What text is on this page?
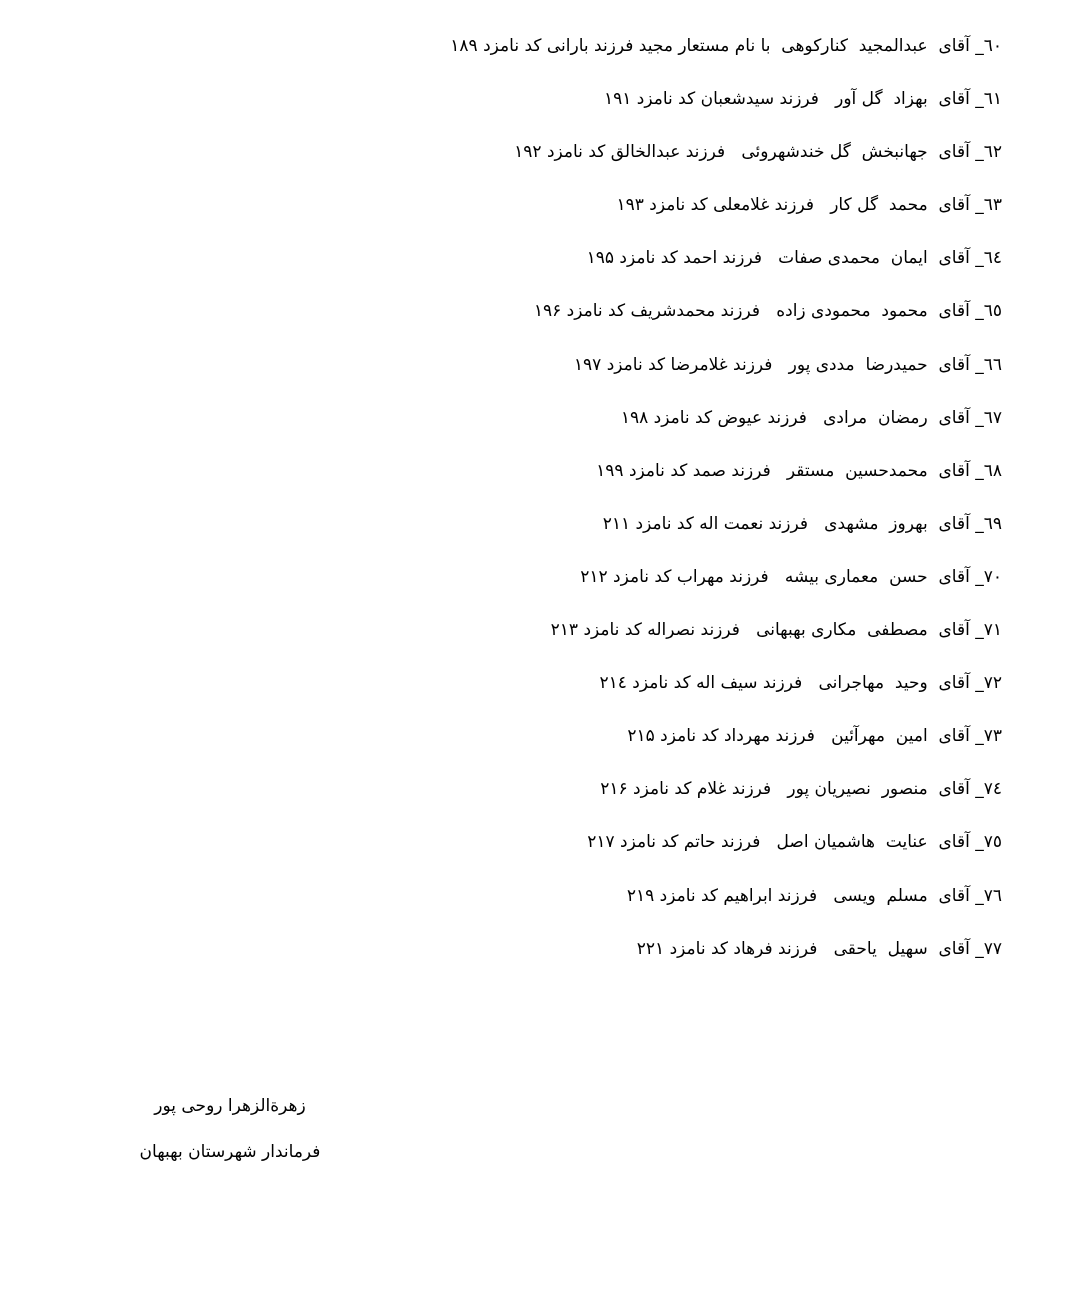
٦٠_ آقای  عبدالمجید  کنارکوهی  با نام مستعار مجید فرزند بارانی کد نامزد ۱۸۹
٦١_ آقای  بهزاد  گل آور   فرزند سیدشعبان کد نامزد ۱۹۱
٦٢_ آقای  جهانبخش  گل خندشهروئی   فرزند عبدالخالق کد نامزد ۱۹۲
٦٣_ آقای  محمد  گل کار   فرزند غلامعلی کد نامزد ۱۹۳
٦٤_ آقای  ایمان  محمدی صفات   فرزند احمد کد نامزد ۱۹۵
٦٥_ آقای  محمود  محمودی زاده   فرزند محمدشریف کد نامزد ۱۹۶
٦٦_ آقای  حمیدرضا  مددی پور   فرزند غلامرضا کد نامزد ۱۹۷
٦٧_ آقای  رمضان  مرادی   فرزند عیوض کد نامزد ۱۹۸
٦٨_ آقای  محمدحسین  مستقر   فرزند صمد کد نامزد ۱۹۹
٦٩_ آقای  بهروز  مشهدی   فرزند نعمت اله کد نامزد ۲۱۱
٧٠_ آقای  حسن  معماری بیشه   فرزند مهراب کد نامزد ۲۱۲
٧١_ آقای  مصطفی  مکاری بهبهانی   فرزند نصراله کد نامزد ۲۱۳
٧٢_ آقای  وحید  مهاجرانی   فرزند سیف اله کد نامزد ۲۱٤
٧٣_ آقای  امین  مهرآئین   فرزند مهرداد کد نامزد ۲۱۵
٧٤_ آقای  منصور  نصیریان پور   فرزند غلام کد نامزد ۲۱۶
٧٥_ آقای  عنایت  هاشمیان اصل   فرزند حاتم کد نامزد ۲۱۷
٧٦_ آقای  مسلم  ویسی   فرزند ابراهیم کد نامزد ۲۱۹
٧٧_ آقای  سهیل  یاحقی   فرزند فرهاد کد نامزد ۲۲۱
زهرةالزهرا روحی پور
فرماندار شهرستان بهبهان
